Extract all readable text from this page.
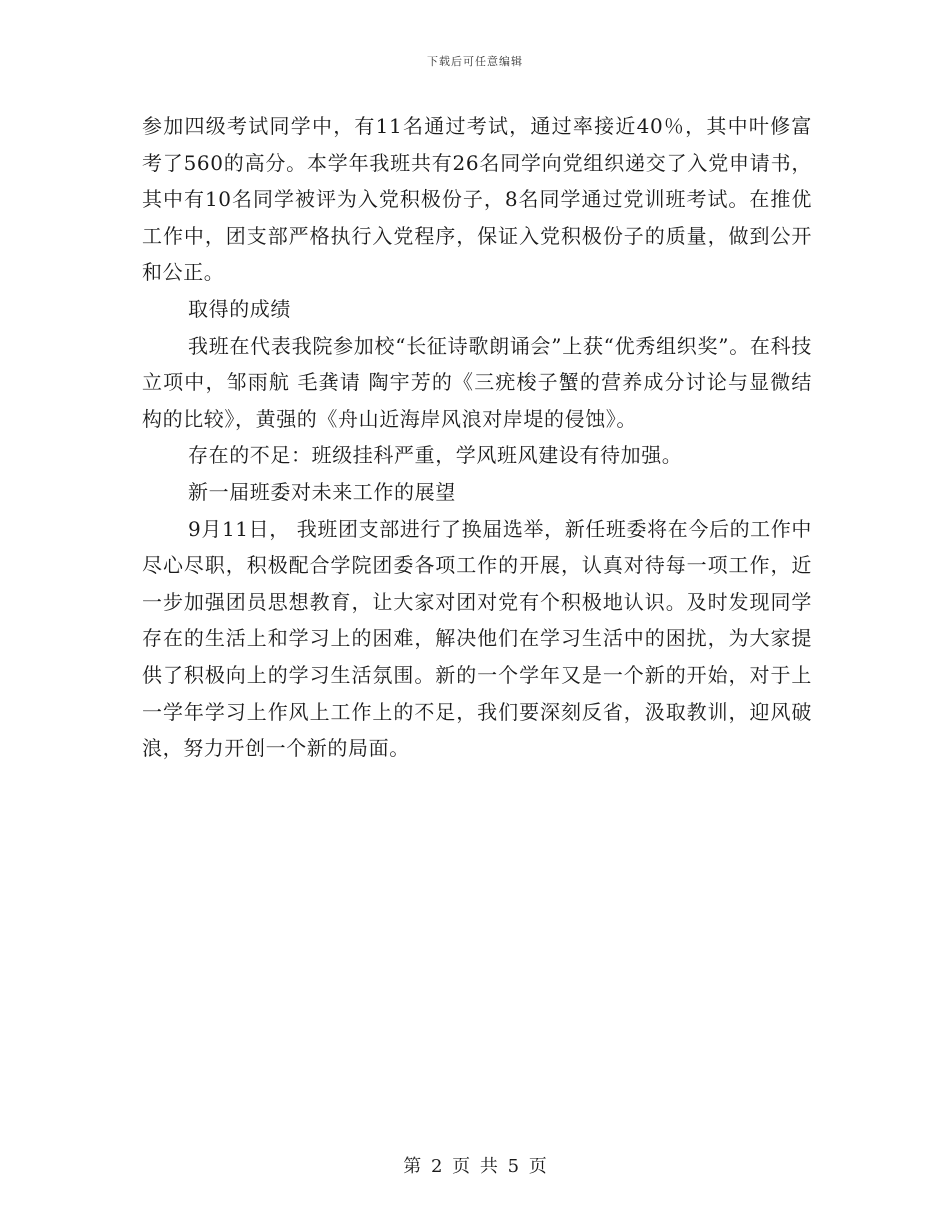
下载后可任意编辑

参加四级考试同学中，有11名通过考试，通过率接近40％，其中叶修富考了560的高分。本学年我班共有26名同学向党组织递交了入党申请书，其中有10名同学被评为入党积极份子，8名同学通过党训班考试。在推优工作中，团支部严格执行入党程序，保证入党积极份子的质量，做到公开和公正。

取得的成绩

我班在代表我院参加校“长征诗歌朗诵会”上获“优秀组织奖”。在科技立项中，邹雨航 毛龚请 陶宇芳的《三疣梭子蟹的营养成分讨论与显微结构的比较》，黄强的《舟山近海岸风浪对岸堤的侵蚀》。

存在的不足：班级挂科严重，学风班风建设有待加强。

新一届班委对未来工作的展望

9月11日， 我班团支部进行了换届选举，新任班委将在今后的工作中尽心尽职，积极配合学院团委各项工作的开展，认真对待每一项工作，近一步加强团员思想教育，让大家对团对党有个积极地认识。及时发现同学存在的生活上和学习上的困难，解决他们在学习生活中的困扰，为大家提供了积极向上的学习生活氛围。新的一个学年又是一个新的开始，对于上一学年学习上作风上工作上的不足，我们要深刻反省，汲取教训，迎风破浪，努力开创一个新的局面。

第 2 页 共 5 页
